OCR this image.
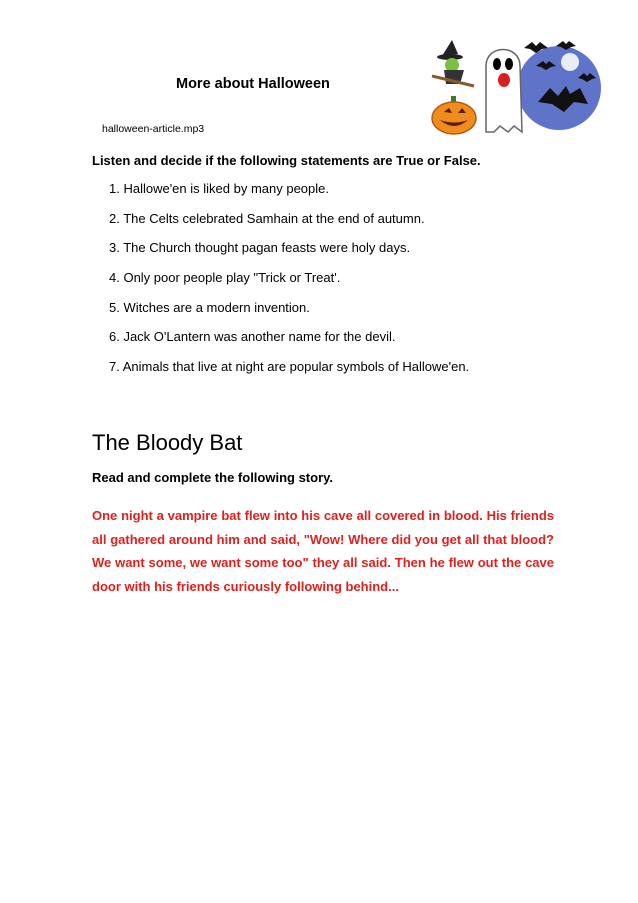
More about Halloween

halloween-article.mp3

Listen and decide if the following statements are True or False.

1. Hallowe'en is liked by many people.
2. The Celts celebrated Samhain at the end of autumn.
3. The Church thought pagan feasts were holy days.
4. Only poor people play "Trick or Treat'.
5. Witches are a modern invention.
6. Jack O'Lantern was another name for the devil.
7. Animals that live at night are popular symbols of Hallowe'en.
The Bloody Bat

Read and complete the following story.

One night a vampire bat flew into his cave all covered in blood. His friends all gathered around him and said, "Wow! Where did you get all that blood? We want some, we want some too" they all said. Then he flew out the cave door with his friends curiously following behind...
